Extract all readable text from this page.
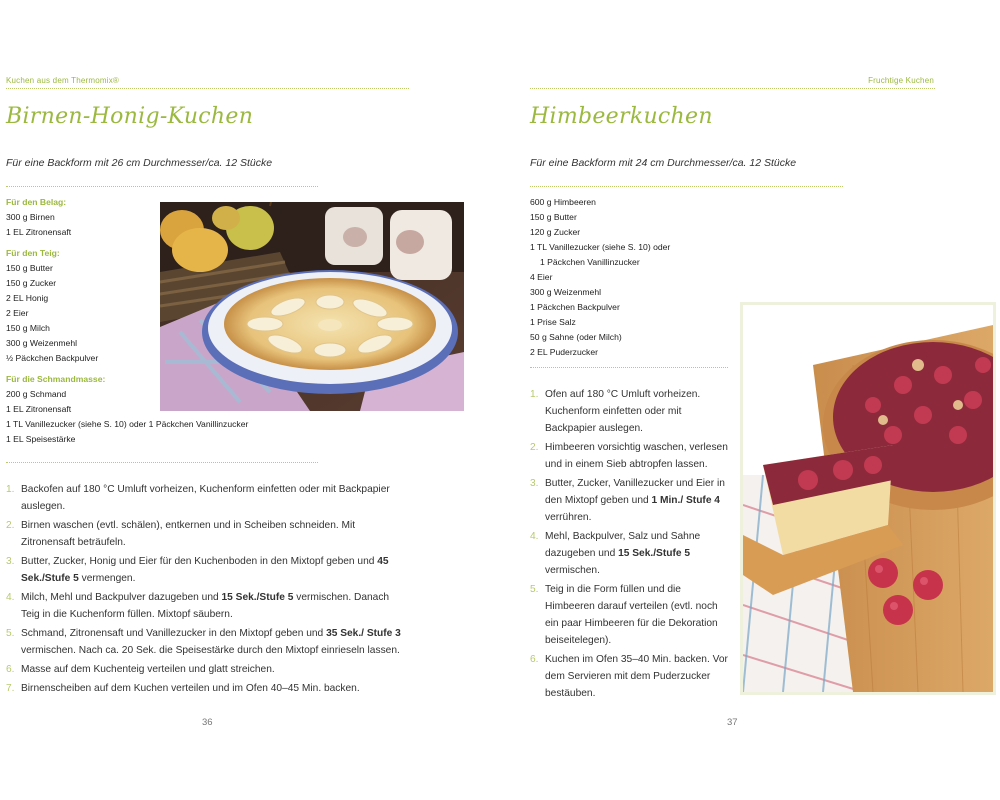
Kuchen aus dem Thermomix®
Birnen-Honig-Kuchen
Für eine Backform mit 26 cm Durchmesser/ca. 12 Stücke
Für den Belag:
300 g Birnen
1 EL Zitronensaft
Für den Teig:
150 g Butter
150 g Zucker
2 EL Honig
2 Eier
150 g Milch
300 g Weizenmehl
½ Päckchen Backpulver
Für die Schmandmasse:
200 g Schmand
1 EL Zitronensaft
1 TL Vanillezucker (siehe S. 10) oder 1 Päckchen Vanillinzucker
1 EL Speisestärke
1. Backofen auf 180 °C Umluft vorheizen, Kuchenform einfetten oder mit Backpapier auslegen.
2. Birnen waschen (evtl. schälen), entkernen und in Scheiben schneiden. Mit Zitronensaft beträufeln.
3. Butter, Zucker, Honig und Eier für den Kuchenboden in den Mixtopf geben und 45 Sek./Stufe 5 vermengen.
4. Milch, Mehl und Backpulver dazugeben und 15 Sek./Stufe 5 vermischen. Danach Teig in die Kuchenform füllen. Mixtopf säubern.
5. Schmand, Zitronensaft und Vanillezucker in den Mixtopf geben und 35 Sek./ Stufe 3 vermischen. Nach ca. 20 Sek. die Speisestärke durch den Mixtopf einrieseln lassen.
6. Masse auf dem Kuchenteig verteilen und glatt streichen.
7. Birnenscheiben auf dem Kuchen verteilen und im Ofen 40–45 Min. backen.
36
Fruchtige Kuchen
Himbeerkuchen
Für eine Backform mit 24 cm Durchmesser/ca. 12 Stücke
600 g Himbeeren
150 g Butter
120 g Zucker
1 TL Vanillezucker (siehe S. 10) oder
1 Päckchen Vanillinzucker
4 Eier
300 g Weizenmehl
1 Päckchen Backpulver
1 Prise Salz
50 g Sahne (oder Milch)
2 EL Puderzucker
1. Ofen auf 180 °C Umluft vorheizen. Kuchenform einfetten oder mit Backpapier auslegen.
2. Himbeeren vorsichtig waschen, verlesen und in einem Sieb abtropfen lassen.
3. Butter, Zucker, Vanillezucker und Eier in den Mixtopf geben und 1 Min./ Stufe 4 verrühren.
4. Mehl, Backpulver, Salz und Sahne dazugeben und 15 Sek./Stufe 5 vermischen.
5. Teig in die Form füllen und die Himbeeren darauf verteilen (evtl. noch ein paar Himbeeren für die Dekoration beiseitelegen).
6. Kuchen im Ofen 35–40 Min. backen. Vor dem Servieren mit dem Puderzucker bestäuben.
37
